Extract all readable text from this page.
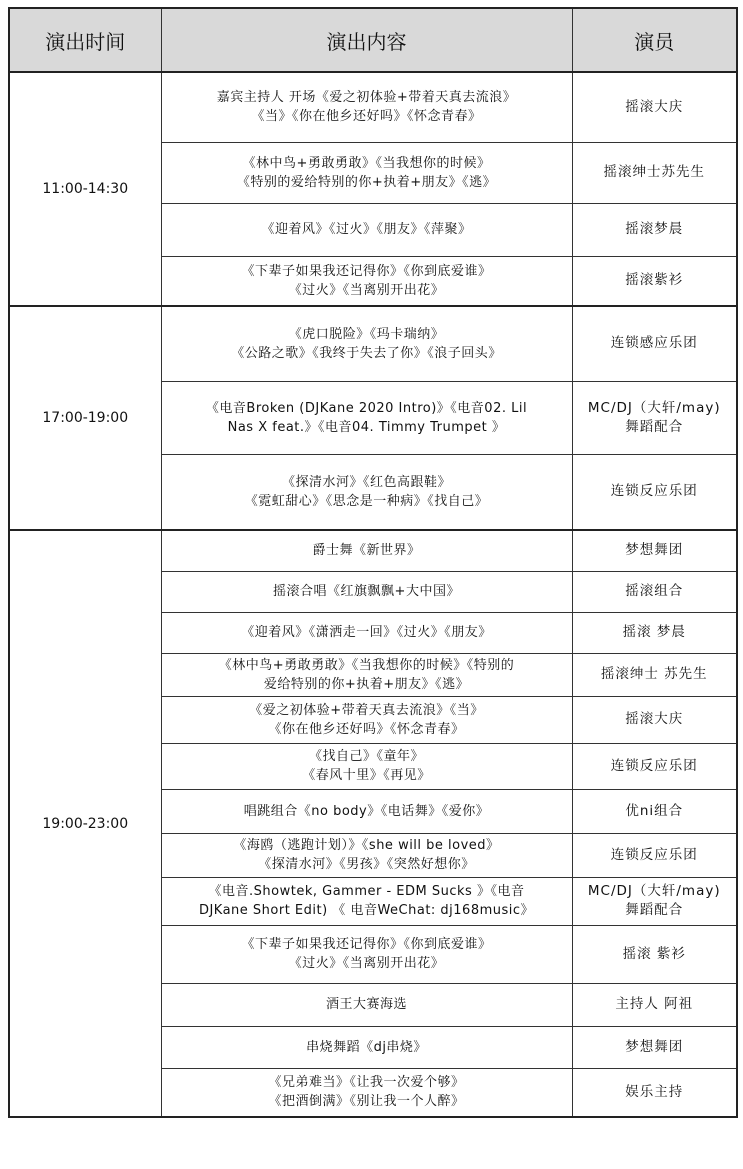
演出时间	演出内容	演员
11:00-14:30	嘉宾主持人 开场《爱之初体验+带着天真去流浪》
《当》《你在他乡还好吗》《怀念青春》	摇滚大庆

	《林中鸟+勇敢勇敢》《当我想你的时候》
《特别的爱给特别的你+执着+朋友》《逃》	摇滚绅士苏先生

	《迎着风》《过火》《朋友》《萍聚》	摇滚梦晨

	《下辈子如果我还记得你》《你到底爱谁》
《过火》《当离别开出花》	摇滚紫衫

17:00-19:00	《虎口脱险》《玛卡瑞纳》
《公路之歌》《我终于失去了你》《浪子回头》	连锁感应乐团

	《电音Broken (DJKane 2020 Intro)》《电音02. Lil
Nas X feat.》《电音04. Timmy Trumpet 》	MC/DJ（大轩/may)
舞蹈配合

	《探清水河》《红色高跟鞋》
《霓虹甜心》《思念是一种病》《找自己》	连锁反应乐团

19:00-23:00	爵士舞《新世界》	梦想舞团

	摇滚合唱《红旗飘飘+大中国》	摇滚组合

	《迎着风》《潇洒走一回》《过火》《朋友》	摇滚 梦晨

	《林中鸟+勇敢勇敢》《当我想你的时候》《特别的
爱给特别的你+执着+朋友》《逃》	摇滚绅士 苏先生

	《爱之初体验+带着天真去流浪》《当》
《你在他乡还好吗》《怀念青春》	摇滚大庆

	《找自己》《童年》
《春风十里》《再见》	连锁反应乐团

	唱跳组合《no body》《电话舞》《爱你》	优ni组合

	《海鸥（逃跑计划）》《she will be loved》
《探清水河》《男孩》《突然好想你》	连锁反应乐团

	《电音.Showtek, Gammer - EDM Sucks 》《电音
DJKane Short Edit) 《 电音WeChat: dj168music》	MC/DJ（大轩/may)
舞蹈配合

	《下辈子如果我还记得你》《你到底爱谁》
《过火》《当离别开出花》	摇滚 紫衫

	酒王大赛海选	主持人 阿祖

	串烧舞蹈《dj串烧》	梦想舞团

	《兄弟难当》《让我一次爱个够》
《把酒倒满》《别让我一个人醉》	娱乐主持
